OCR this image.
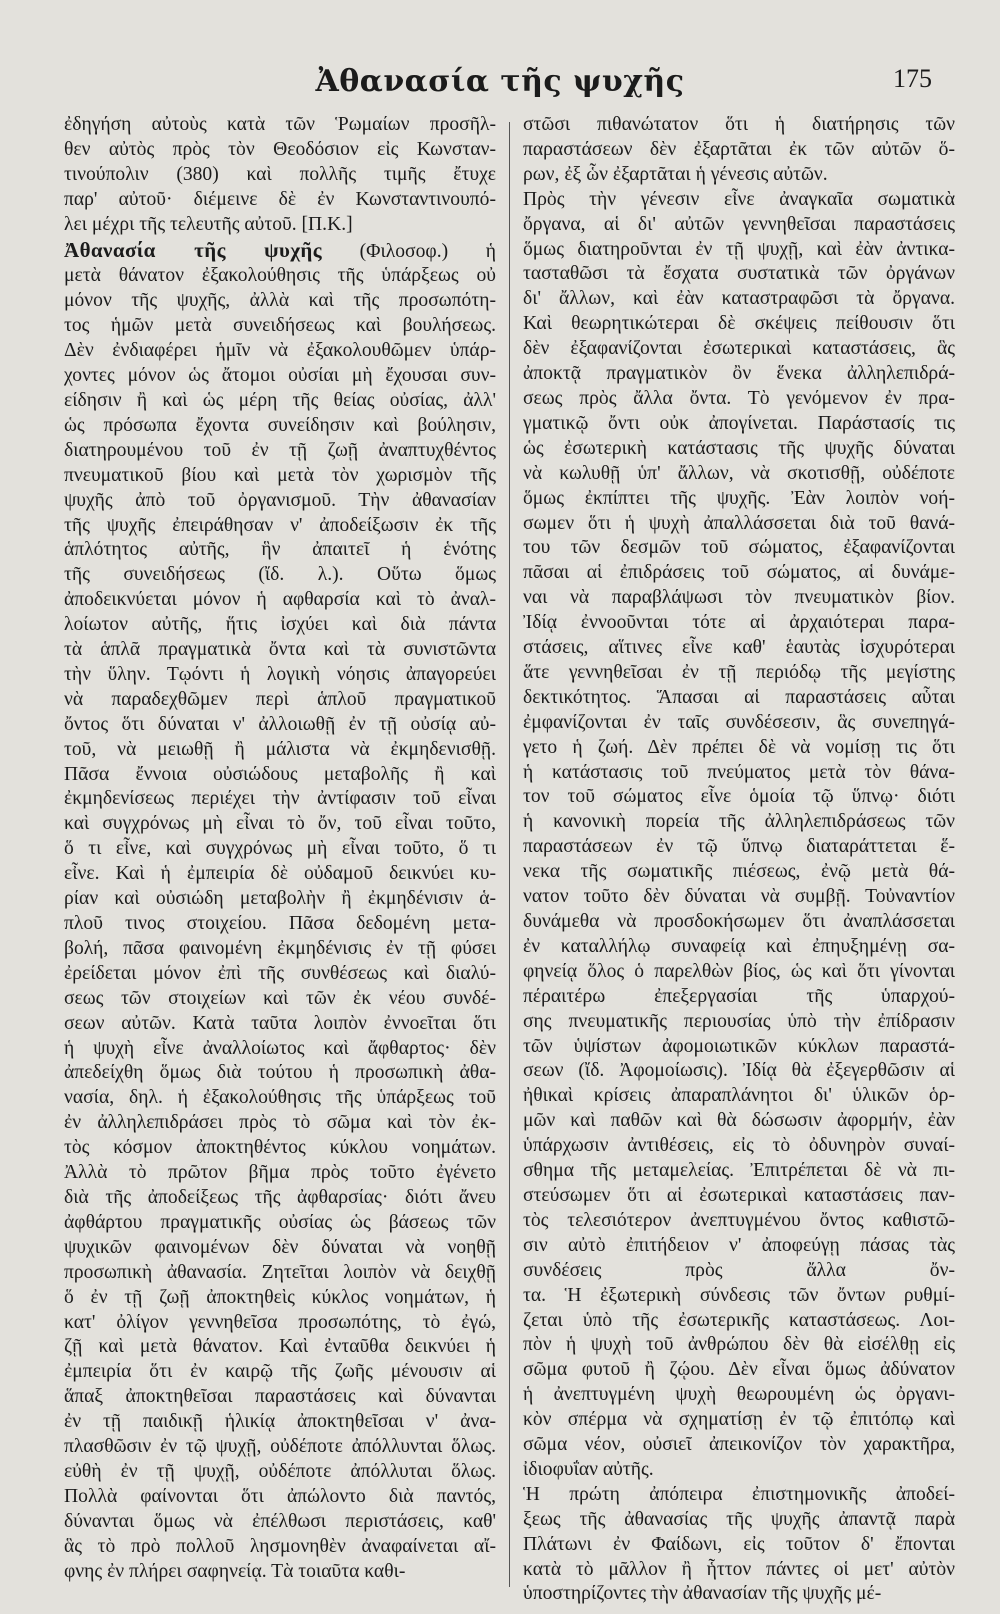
Ἀθανασία τῆς ψυχῆς	175

ἐδηγήση αὐτοὺς κατὰ τῶν Ῥωμαίων προσῆλ-

θεν αὐτὸς πρὸς τὸν Θεοδόσιον εἰς Κωνσταν-

τινούπολιν (380) καὶ πολλῆς τιμῆς ἔτυχε

παρ' αὐτοῦ· διέμεινε δὲ ἐν Κωνσταντινουπό-

λει μέχρι τῆς τελευτῆς αὐτοῦ. [Π.Κ.]

Ἀθανασία τῆς ψυχῆς (Φιλοσοφ.) ἡ

μετὰ θάνατον ἐξακολούθησις τῆς ὑπάρξεως οὐ

μόνον τῆς ψυχῆς, ἀλλὰ καὶ τῆς προσωπότη-

τος ἡμῶν μετὰ συνειδήσεως καὶ βουλήσεως.

Δὲν ἐνδιαφέρει ἡμῖν νὰ ἐξακολουθῶμεν ὑπάρ-

χοντες μόνον ὡς ἄτομοι οὐσίαι μὴ ἔχουσαι συν-

είδησιν ἢ καὶ ὡς μέρη τῆς θείας οὐσίας, ἀλλ'

ὡς πρόσωπα ἔχοντα συνείδησιν καὶ βούλησιν,

διατηρουμένου τοῦ ἐν τῇ ζωῇ ἀναπτυχθέντος

πνευματικοῦ βίου καὶ μετὰ τὸν χωρισμὸν τῆς

ψυχῆς ἀπὸ τοῦ ὀργανισμοῦ. Τὴν ἀθανασίαν

τῆς ψυχῆς ἐπειράθησαν ν' ἀποδείξωσιν ἐκ τῆς

ἁπλότητος αὐτῆς, ἣν ἀπαιτεῖ ἡ ἑνότης

τῆς συνειδήσεως (ἴδ. λ.). Οὕτω ὅμως

ἀποδεικνύεται μόνον ἡ αφθαρσία καὶ τὸ ἀναλ-

λοίωτον αὐτῆς, ἥτις ἰσχύει καὶ διὰ πάντα

τὰ ἁπλᾶ πραγματικὰ ὄντα καὶ τὰ συνιστῶντα

τὴν ὕλην. Τῳόντι ἡ λογικὴ νόησις ἀπαγορεύει

νὰ παραδεχθῶμεν περὶ ἁπλοῦ πραγματικοῦ

ὄντος ὅτι δύναται ν' ἀλλοιωθῇ ἐν τῇ οὐσίᾳ αὐ-

τοῦ, νὰ μειωθῇ ἢ μάλιστα νὰ ἐκμηδενισθῇ.

Πᾶσα ἔννοια οὐσιώδους μεταβολῆς ἢ καὶ

ἐκμηδενίσεως περιέχει τὴν ἀντίφασιν τοῦ εἶναι

καὶ συγχρόνως μὴ εἶναι τὸ ὄν, τοῦ εἶναι τοῦτο,

ὅ τι εἶνε, καὶ συγχρόνως μὴ εἶναι τοῦτο, ὅ τι

εἶνε. Καὶ ἡ ἐμπειρία δὲ οὐδαμοῦ δεικνύει κυ-

ρίαν καὶ οὐσιώδη μεταβολὴν ἢ ἐκμηδένισιν ἁ-

πλοῦ τινος στοιχείου. Πᾶσα δεδομένη μετα-

βολή, πᾶσα φαινομένη ἐκμηδένισις ἐν τῇ φύσει

ἐρείδεται μόνον ἐπὶ τῆς συνθέσεως καὶ διαλύ-

σεως τῶν στοιχείων καὶ τῶν ἐκ νέου συνδέ-

σεων αὐτῶν. Κατὰ ταῦτα λοιπὸν ἐννοεῖται ὅτι

ἡ ψυχὴ εἶνε ἀναλλοίωτος καὶ ἄφθαρτος· δὲν

ἀπεδείχθη ὅμως διὰ τούτου ἡ προσωπικὴ ἀθα-

νασία, δηλ. ἡ ἐξακολούθησις τῆς ὑπάρξεως τοῦ

ἐν ἀλληλεπιδράσει πρὸς τὸ σῶμα καὶ τὸν ἐκ-

τὸς κόσμον ἀποκτηθέντος κύκλου νοημάτων.

Ἀλλὰ τὸ πρῶτον βῆμα πρὸς τοῦτο ἐγένετο

διὰ τῆς ἀποδείξεως τῆς ἀφθαρσίας· διότι ἄνευ

ἀφθάρτου πραγματικῆς οὐσίας ὡς βάσεως τῶν

ψυχικῶν φαινομένων δὲν δύναται νὰ νοηθῇ

προσωπικὴ ἀθανασία. Ζητεῖται λοιπὸν νὰ δειχθῇ

ὅ ἐν τῇ ζωῇ ἀποκτηθεὶς κύκλος νοημάτων, ἡ

κατ' ὀλίγον γεννηθεῖσα προσωπότης, τὸ ἐγώ,

ζῇ καὶ μετὰ θάνατον. Καὶ ἐνταῦθα δεικνύει ἡ

ἐμπειρία ὅτι ἐν καιρῷ τῆς ζωῆς μένουσιν αἱ

ἅπαξ ἀποκτηθεῖσαι παραστάσεις καὶ δύνανται

ἐν τῇ παιδικῇ ἡλικίᾳ ἀποκτηθεῖσαι ν' ἀνα-

πλασθῶσιν ἐν τῷ ψυχῇ, οὐδέποτε ἀπόλλυνται ὅλως.

εὐθὴ ἐν τῇ ψυχῇ, οὐδέποτε ἀπόλλυται ὅλως.

Πολλὰ φαίνονται ὅτι ἀπώλοντο διὰ παντός,

δύνανται ὅμως νὰ ἐπέλθωσι περιστάσεις, καθ'

ἃς τὸ πρὸ πολλοῦ λησμονηθὲν ἀναφαίνεται αἴ-

φνης ἐν πλήρει σαφηνείᾳ. Τὰ τοιαῦτα καθι-

στῶσι πιθανώτατον ὅτι ἡ διατήρησις τῶν

παραστάσεων δὲν ἐξαρτᾶται ἐκ τῶν αὐτῶν ὅ-

ρων, ἐξ ὧν ἐξαρτᾶται ἡ γένεσις αὐτῶν.

Πρὸς τὴν γένεσιν εἶνε ἀναγκαῖα σωματικὰ

ὄργανα, αἱ δι' αὐτῶν γεννηθεῖσαι παραστάσεις

ὅμως διατηροῦνται ἐν τῇ ψυχῇ, καὶ ἐὰν ἀντικα-

τασταθῶσι τὰ ἔσχατα συστατικὰ τῶν ὀργάνων

δι' ἄλλων, καὶ ἐὰν καταστραφῶσι τὰ ὄργανα.

Καὶ θεωρητικώτεραι δὲ σκέψεις πείθουσιν ὅτι

δὲν ἐξαφανίζονται ἐσωτερικαὶ καταστάσεις, ἃς

ἀποκτᾷ πραγματικὸν ὂν ἕνεκα ἀλληλεπιδρά-

σεως πρὸς ἄλλα ὄντα. Τὸ γενόμενον ἐν πρα-

γματικῷ ὄντι οὐκ ἀπογίνεται. Παράστασίς τις

ὡς ἐσωτερικὴ κατάστασις τῆς ψυχῆς δύναται

νὰ κωλυθῇ ὑπ' ἄλλων, νὰ σκοτισθῇ, οὐδέποτε

ὅμως ἐκπίπτει τῆς ψυχῆς. Ἐὰν λοιπὸν νοή-

σωμεν ὅτι ἡ ψυχὴ ἀπαλλάσσεται διὰ τοῦ θανά-

του τῶν δεσμῶν τοῦ σώματος, ἐξαφανίζονται

πᾶσαι αἱ ἐπιδράσεις τοῦ σώματος, αἱ δυνάμε-

ναι νὰ παραβλάψωσι τὸν πνευματικὸν βίον.

Ἰδίᾳ ἐννοοῦνται τότε αἱ ἀρχαιότεραι παρα-

στάσεις, αἵτινες εἶνε καθ' ἑαυτὰς ἰσχυρότεραι

ἅτε γεννηθεῖσαι ἐν τῇ περιόδῳ τῆς μεγίστης

δεκτικότητος. Ἅπασαι αἱ παραστάσεις αὗται

ἐμφανίζονται ἐν ταῖς συνδέσεσιν, ἃς συνεπηγά-

γετο ἡ ζωή. Δὲν πρέπει δὲ νὰ νομίσῃ τις ὅτι

ἡ κατάστασις τοῦ πνεύματος μετὰ τὸν θάνα-

τον τοῦ σώματος εἶνε ὁμοία τῷ ὕπνῳ· διότι

ἡ κανονικὴ πορεία τῆς ἀλληλεπιδράσεως τῶν

παραστάσεων ἐν τῷ ὕπνῳ διαταράττεται ἕ-

νεκα τῆς σωματικῆς πιέσεως, ἐνῷ μετὰ θά-

νατον τοῦτο δὲν δύναται νὰ συμβῇ. Τοὐναντίον

δυνάμεθα νὰ προσδοκήσωμεν ὅτι ἀναπλάσσεται

ἐν καταλλήλῳ συναφείᾳ καὶ ἐπηυξημένῃ σα-

φηνείᾳ ὅλος ὁ παρελθὼν βίος, ὡς καὶ ὅτι γίνονται

πέραιτέρω ἐπεξεργασίαι τῆς ὑπαρχού-

σης πνευματικῆς περιουσίας ὑπὸ τὴν ἐπίδρασιν

τῶν ὑψίστων ἀφομοιωτικῶν κύκλων παραστά-

σεων (ἴδ. Ἀφομοίωσις). Ἰδίᾳ θὰ ἐξεγερθῶσιν αἱ

ἠθικαὶ κρίσεις ἀπαραπλάνητοι δι' ὑλικῶν ὁρ-

μῶν καὶ παθῶν καὶ θὰ δώσωσιν ἀφορμήν, ἐὰν

ὑπάρχωσιν ἀντιθέσεις, εἰς τὸ ὀδυνηρὸν συναί-

σθημα τῆς μεταμελείας. Ἐπιτρέπεται δὲ νὰ πι-

στεύσωμεν ὅτι αἱ ἐσωτερικαὶ καταστάσεις παν-

τὸς τελεσιότερον ἀνεπτυγμένου ὄντος καθιστῶ-

σιν αὐτὸ ἐπιτήδειον ν' ἀποφεύγῃ πάσας τὰς

συνδέσεις πρὸς ἄλλα ὄν-

τα. Ἡ ἐξωτερικὴ σύνδεσις τῶν ὄντων ρυθμί-

ζεται ὑπὸ τῆς ἐσωτερικῆς καταστάσεως. Λοι-

πὸν ἡ ψυχὴ τοῦ ἀνθρώπου δὲν θὰ εἰσέλθῃ εἰς

σῶμα φυτοῦ ἢ ζῴου. Δὲν εἶναι ὅμως ἀδύνατον

ἡ ἀνεπτυγμένη ψυχὴ θεωρουμένη ὡς ὀργανι-

κὸν σπέρμα νὰ σχηματίσῃ ἐν τῷ ἐπιτόπῳ καὶ

σῶμα νέον, οὐσιεῖ ἀπεικονίζον τὸν χαρακτῆρα,

ἰδιοφυΐαν αὐτῆς.

Ἡ πρώτη ἀπόπειρα ἐπιστημονικῆς ἀποδεί-

ξεως τῆς ἀθανασίας τῆς ψυχῆς ἀπαντᾷ παρὰ

Πλάτωνι ἐν Φαίδωνι, εἰς τοῦτον δ' ἔπονται

κατὰ τὸ μᾶλλον ἢ ἧττον πάντες οἱ μετ' αὐτὸν

ὑποστηρίζοντες τὴν ἀθανασίαν τῆς ψυχῆς μέ-
